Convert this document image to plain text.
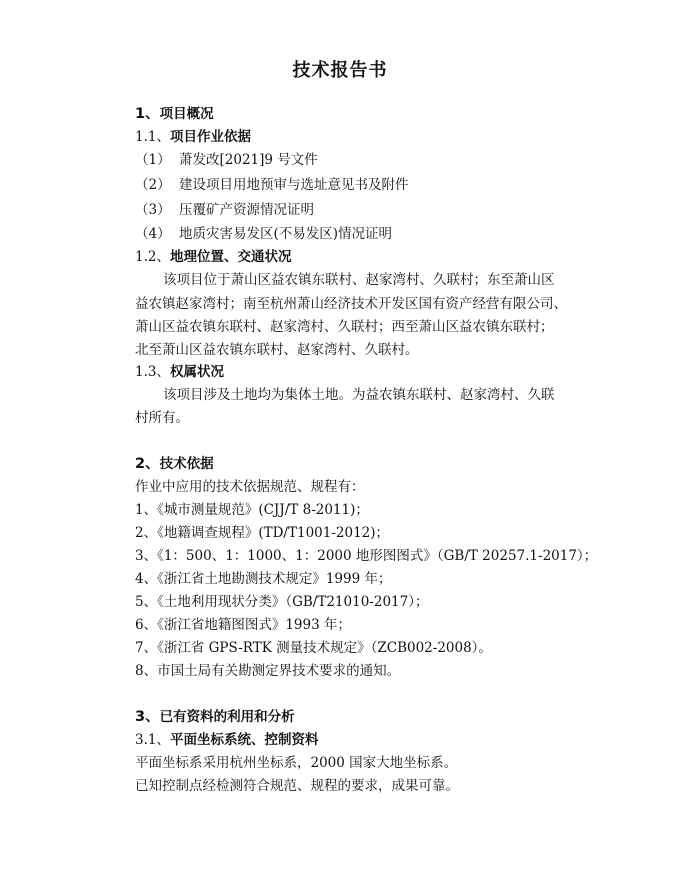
技术报告书
1、项目概况
1.1、项目作业依据
（1） 萧发改[2021]9 号文件
（2） 建设项目用地预审与选址意见书及附件
（3） 压覆矿产资源情况证明
（4） 地质灾害易发区(不易发区)情况证明
1.2、地理位置、交通状况
该项目位于萧山区益农镇东联村、赵家湾村、久联村；东至萧山区
益农镇赵家湾村；南至杭州萧山经济技术开发区国有资产经营有限公司、
萧山区益农镇东联村、赵家湾村、久联村；西至萧山区益农镇东联村；
北至萧山区益农镇东联村、赵家湾村、久联村。
1.3、权属状况
该项目涉及土地均为集体土地。为益农镇东联村、赵家湾村、久联
村所有。
2、技术依据
作业中应用的技术依据规范、规程有：
1、《城市测量规范》(CJJ/T 8-2011)；
2、《地籍调查规程》(TD/T1001-2012)；
3、《1：500、1：1000、1：2000 地形图图式》（GB/T 20257.1-2017）；
4、《浙江省土地勘测技术规定》1999 年；
5、《土地利用现状分类》（GB/T21010-2017）；
6、《浙江省地籍图图式》1993 年；
7、《浙江省 GPS-RTK 测量技术规定》（ZCB002-2008）。
8、市国土局有关勘测定界技术要求的通知。
3、已有资料的利用和分析
3.1、平面坐标系统、控制资料
平面坐标系采用杭州坐标系，2000 国家大地坐标系。
已知控制点经检测符合规范、规程的要求，成果可靠。
